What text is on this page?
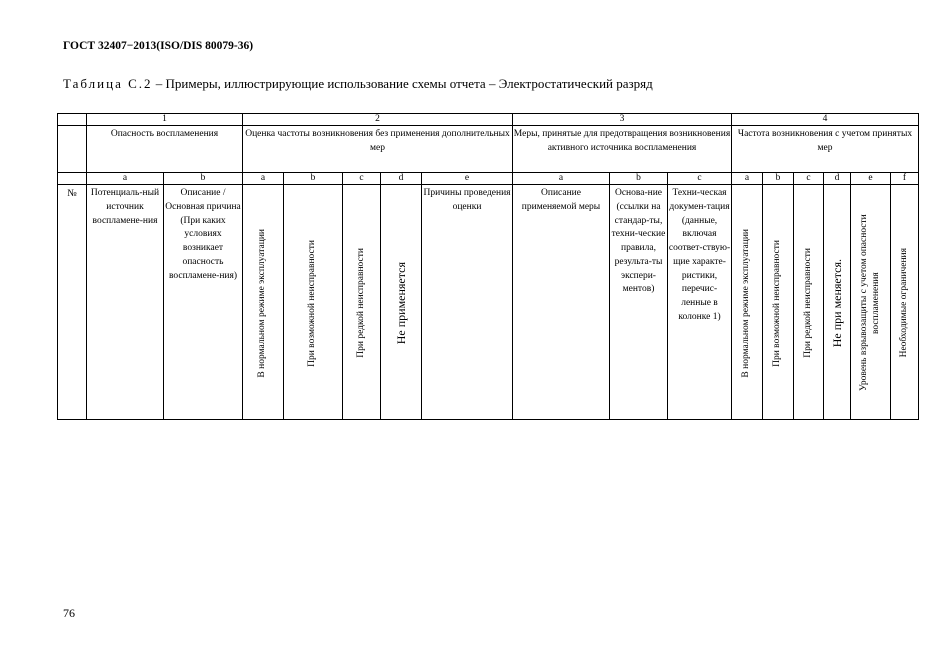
ГОСТ 32407−2013(ISO/DIS 80079-36)
Таблица С.2 – Примеры, иллюстрирующие использование схемы отчета – Электростатический разряд
	1		2					3			4					
	Опасность воспламенения		Оценка частоты возникновения без применения дополнительных мер					Меры, принятые для предотвращения возникновения активного источника воспламенения			Частота возникновения с учетом принятых мер					
	a	b	a	b	c	d	e	a	b	c	a	b	c	d	e	f
№	Потенциаль-ный источник воспламене-ния	Описание / Основная причина (При каких условиях возникает опасность воспламене-ния)	В нормальном режиме эксплуатации	При возможной неисправности	При редкой неисправности	Не применяется	Причины проведения оценки	Описание применяемой меры	Основа-ние (ссылки на стандар-ты, техни-ческие правила, результа-ты экспери-ментов)	Техни-ческая докумен-тация (данные, включая соответ-ствую-щие характе-ристики, перечис-ленные в колонке 1)	В нормальном режиме эксплуатации	При возможной неисправности	При редкой неисправности	Не при меняется.	Уровень взрывозащиты с учетом опасности воспламенения	Необходимые ограничения
76
